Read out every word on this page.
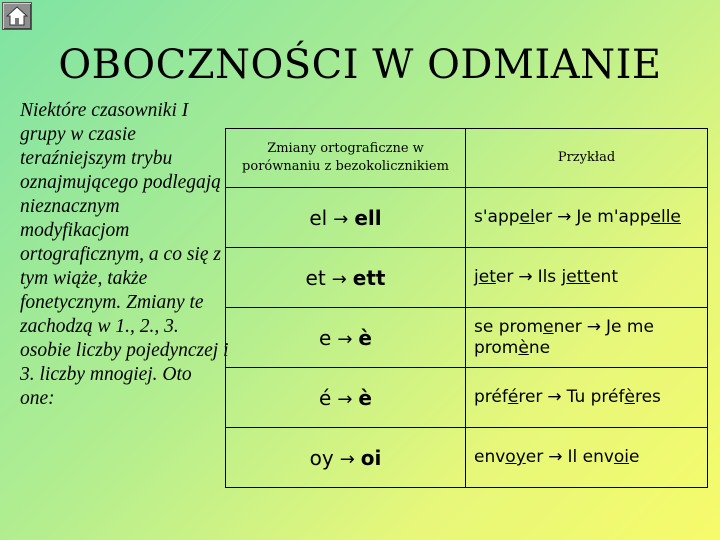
OBOCZNOŚCI W ODMIANIE
Niektóre czasowniki I grupy w czasie teraźniejszym trybu oznajmującego podlegają nieznacznym modyfikacjom ortograficznym, a co się z tym wiąże, także fonetycznym. Zmiany te zachodzą w 1., 2., 3. osobie liczby pojedynczej i 3. liczby mnogiej. Oto one:
Zmiany ortograficzne w porównaniu z bezokolicznikiem	Przykład
el → ell	s'appeler → Je m'appelle
et → ett	jeter → Ils jettent
e → è	se promener → Je me promène
é → è	préférer → Tu préfères
oy → oi	envoyer → Il envoie
